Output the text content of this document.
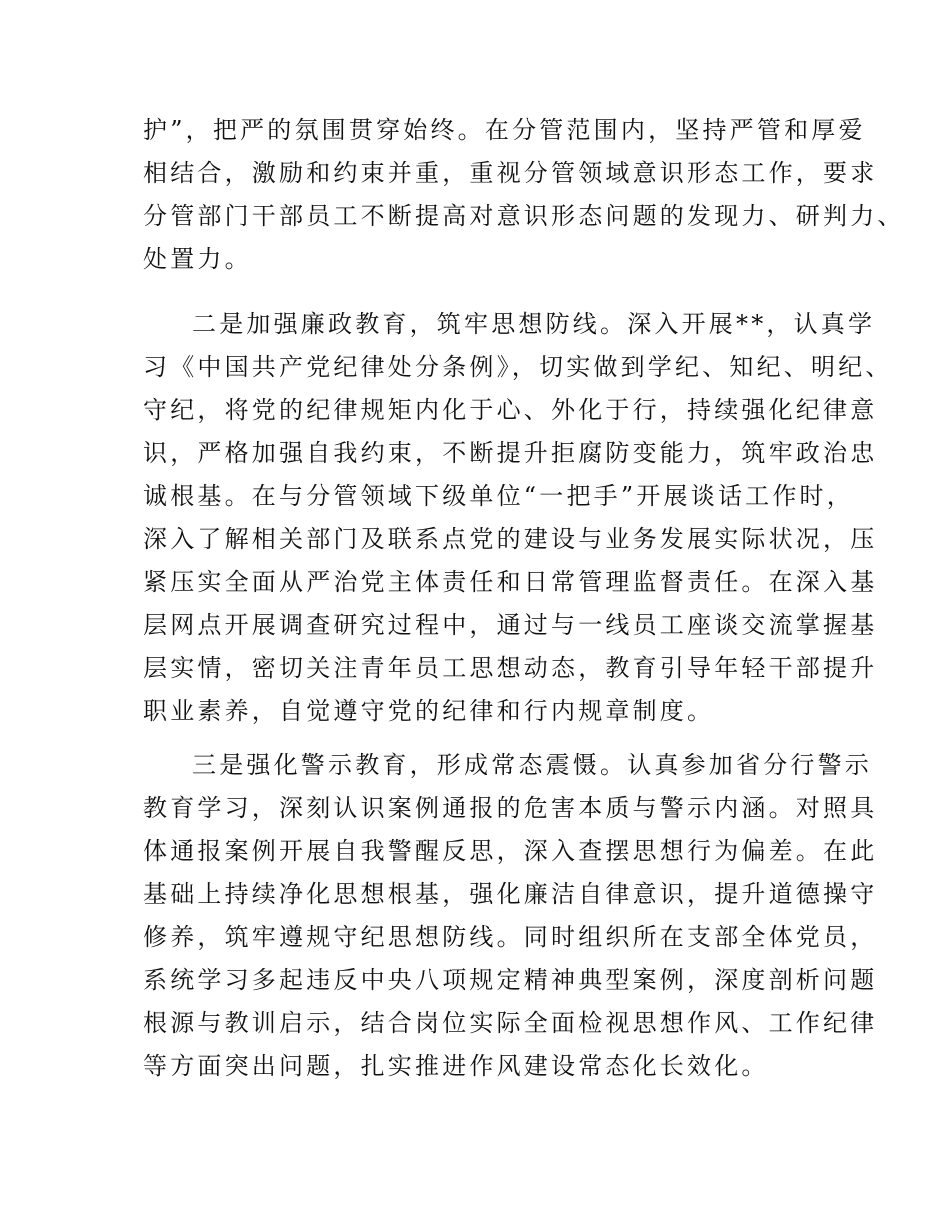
护”，把严的氛围贯穿始终。在分管范围内，坚持严管和厚爱
相结合，激励和约束并重，重视分管领域意识形态工作，要求
分管部门干部员工不断提高对意识形态问题的发现力、研判力、
处置力。
二是加强廉政教育，筑牢思想防线。深入开展**，认真学
习《中国共产党纪律处分条例》，切实做到学纪、知纪、明纪、
守纪，将党的纪律规矩内化于心、外化于行，持续强化纪律意
识，严格加强自我约束，不断提升拒腐防变能力，筑牢政治忠
诚根基。在与分管领域下级单位“一把手”开展谈话工作时，
深入了解相关部门及联系点党的建设与业务发展实际状况，压
紧压实全面从严治党主体责任和日常管理监督责任。在深入基
层网点开展调查研究过程中，通过与一线员工座谈交流掌握基
层实情，密切关注青年员工思想动态，教育引导年轻干部提升
职业素养，自觉遵守党的纪律和行内规章制度。
三是强化警示教育，形成常态震慑。认真参加省分行警示
教育学习，深刻认识案例通报的危害本质与警示内涵。对照具
体通报案例开展自我警醒反思，深入查摆思想行为偏差。在此
基础上持续净化思想根基，强化廉洁自律意识，提升道德操守
修养，筑牢遵规守纪思想防线。同时组织所在支部全体党员，
系统学习多起违反中央八项规定精神典型案例，深度剖析问题
根源与教训启示，结合岗位实际全面检视思想作风、工作纪律
等方面突出问题，扎实推进作风建设常态化长效化。
